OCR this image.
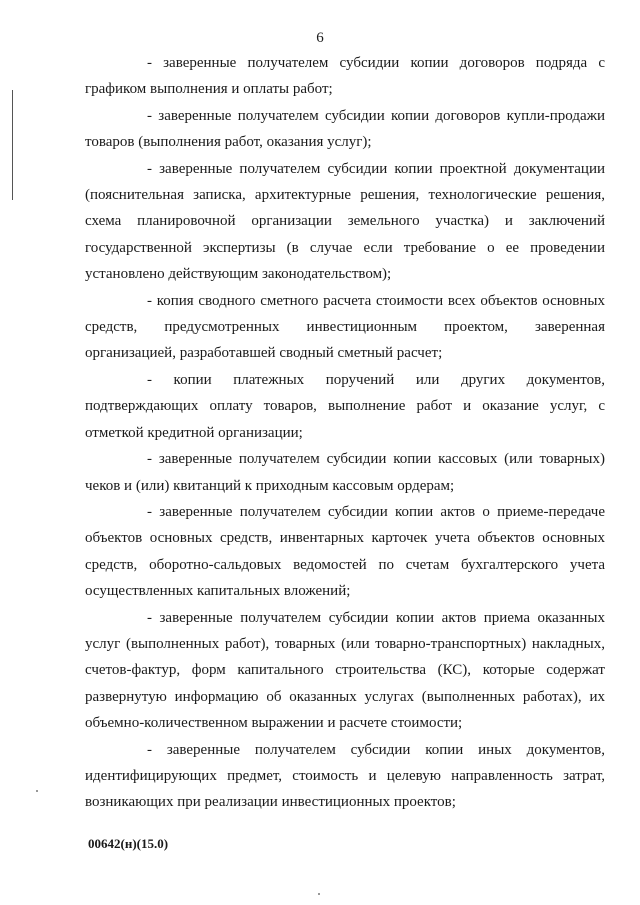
6

- заверенные получателем субсидии копии договоров подряда с графиком выполнения и оплаты работ;

- заверенные получателем субсидии копии договоров купли-продажи товаров (выполнения работ, оказания услуг);

- заверенные получателем субсидии копии проектной документации (пояснительная записка, архитектурные решения, технологические решения, схема планировочной организации земельного участка) и заключений государственной экспертизы (в случае если требование о ее проведении установлено действующим законодательством);

- копия сводного сметного расчета стоимости всех объектов основных средств, предусмотренных инвестиционным проектом, заверенная организацией, разработавшей сводный сметный расчет;

- копии платежных поручений или других документов, подтверждающих оплату товаров, выполнение работ и оказание услуг, с отметкой кредитной организации;

- заверенные получателем субсидии копии кассовых (или товарных) чеков и (или) квитанций к приходным кассовым ордерам;

- заверенные получателем субсидии копии актов о приеме-передаче объектов основных средств, инвентарных карточек учета объектов основных средств, оборотно-сальдовых ведомостей по счетам бухгалтерского учета осуществленных капитальных вложений;

- заверенные получателем субсидии копии актов приема оказанных услуг (выполненных работ), товарных (или товарно-транспортных) накладных, счетов-фактур, форм капитального строительства (КС), которые содержат развернутую информацию об оказанных услугах (выполненных работах), их объемно-количественном выражении и расчете стоимости;

- заверенные получателем субсидии копии иных документов, идентифицирующих предмет, стоимость и целевую направленность затрат, возникающих при реализации инвестиционных проектов;

00642(н)(15.0)
